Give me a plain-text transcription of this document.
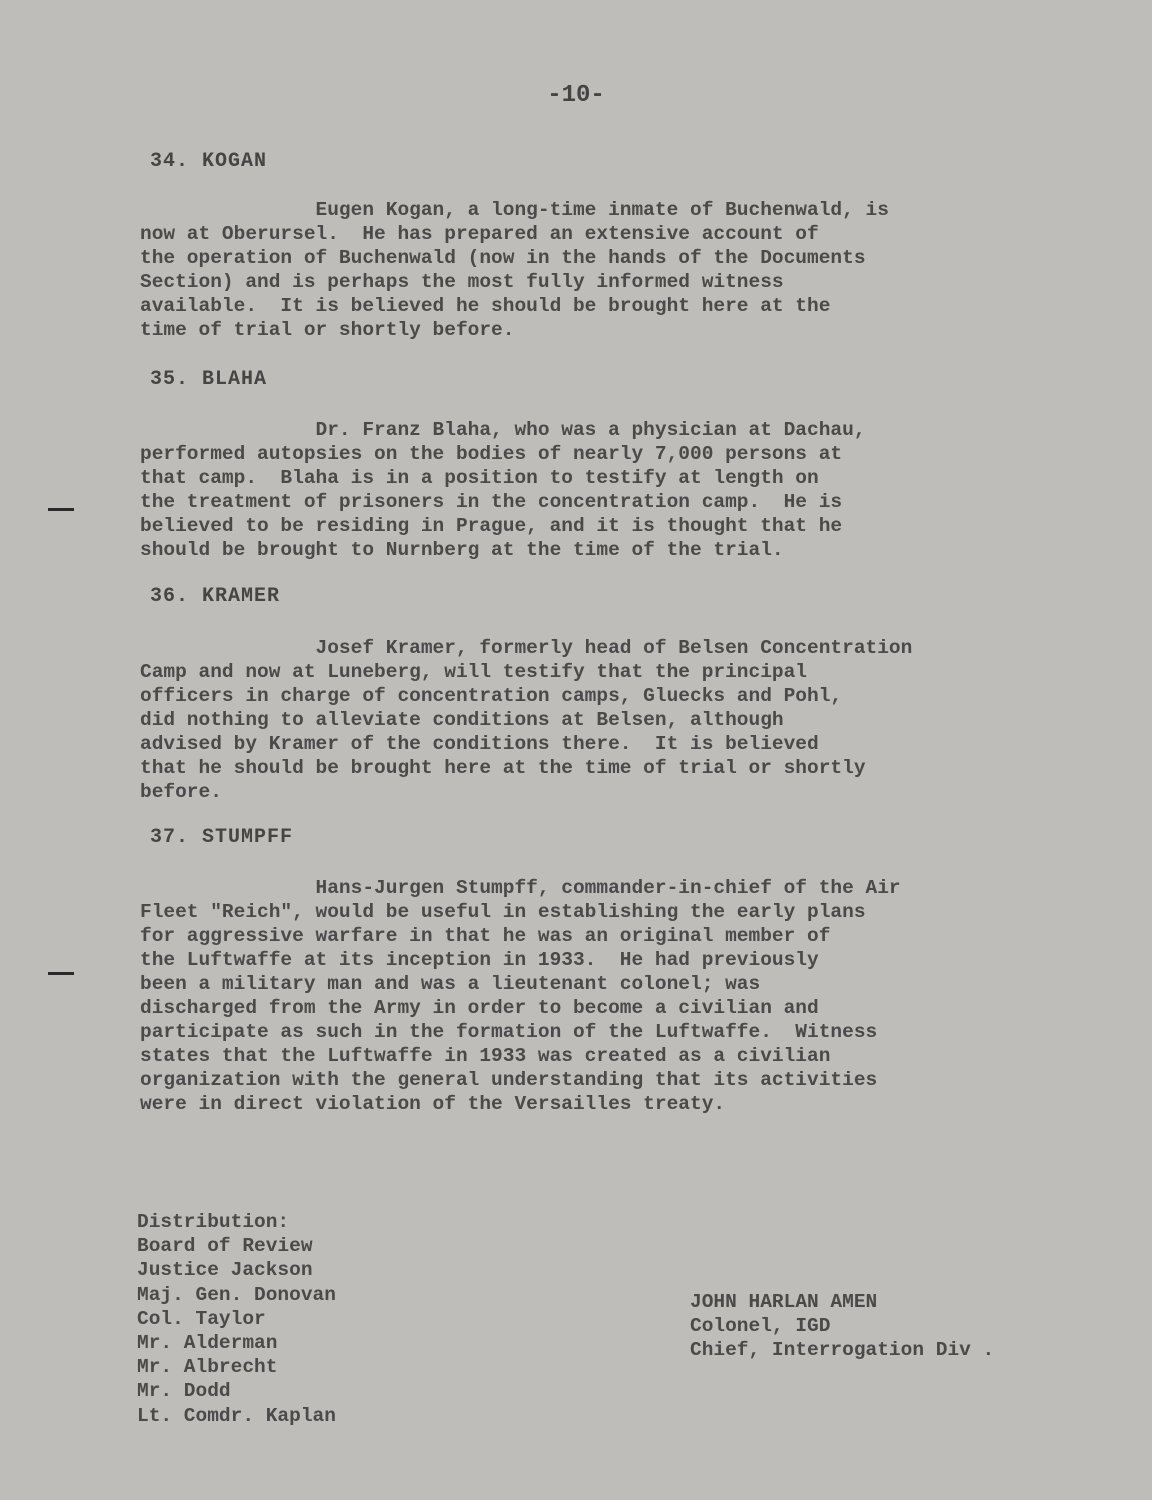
-10-
34. KOGAN
Eugen Kogan, a long-time inmate of Buchenwald, is
now at Oberursel.  He has prepared an extensive account of
the operation of Buchenwald (now in the hands of the Documents
Section) and is perhaps the most fully informed witness
available.  It is believed he should be brought here at the
time of trial or shortly before.
35. BLAHA
Dr. Franz Blaha, who was a physician at Dachau,
performed autopsies on the bodies of nearly 7,000 persons at
that camp.  Blaha is in a position to testify at length on
the treatment of prisoners in the concentration camp.  He is
believed to be residing in Prague, and it is thought that he
should be brought to Nurnberg at the time of the trial.
36. KRAMER
Josef Kramer, formerly head of Belsen Concentration
Camp and now at Luneberg, will testify that the principal
officers in charge of concentration camps, Gluecks and Pohl,
did nothing to alleviate conditions at Belsen, although
advised by Kramer of the conditions there.  It is believed
that he should be brought here at the time of trial or shortly
before.
37. STUMPFF
Hans-Jurgen Stumpff, commander-in-chief of the Air
Fleet "Reich", would be useful in establishing the early plans
for aggressive warfare in that he was an original member of
the Luftwaffe at its inception in 1933.  He had previously
been a military man and was a lieutenant colonel; was
discharged from the Army in order to become a civilian and
participate as such in the formation of the Luftwaffe.  Witness
states that the Luftwaffe in 1933 was created as a civilian
organization with the general understanding that its activities
were in direct violation of the Versailles treaty.
Distribution:
Board of Review
Justice Jackson
Maj. Gen. Donovan
Col. Taylor
Mr. Alderman
Mr. Albrecht
Mr. Dodd
Lt. Comdr. Kaplan
JOHN HARLAN AMEN
Colonel, IGD
Chief, Interrogation Div .
